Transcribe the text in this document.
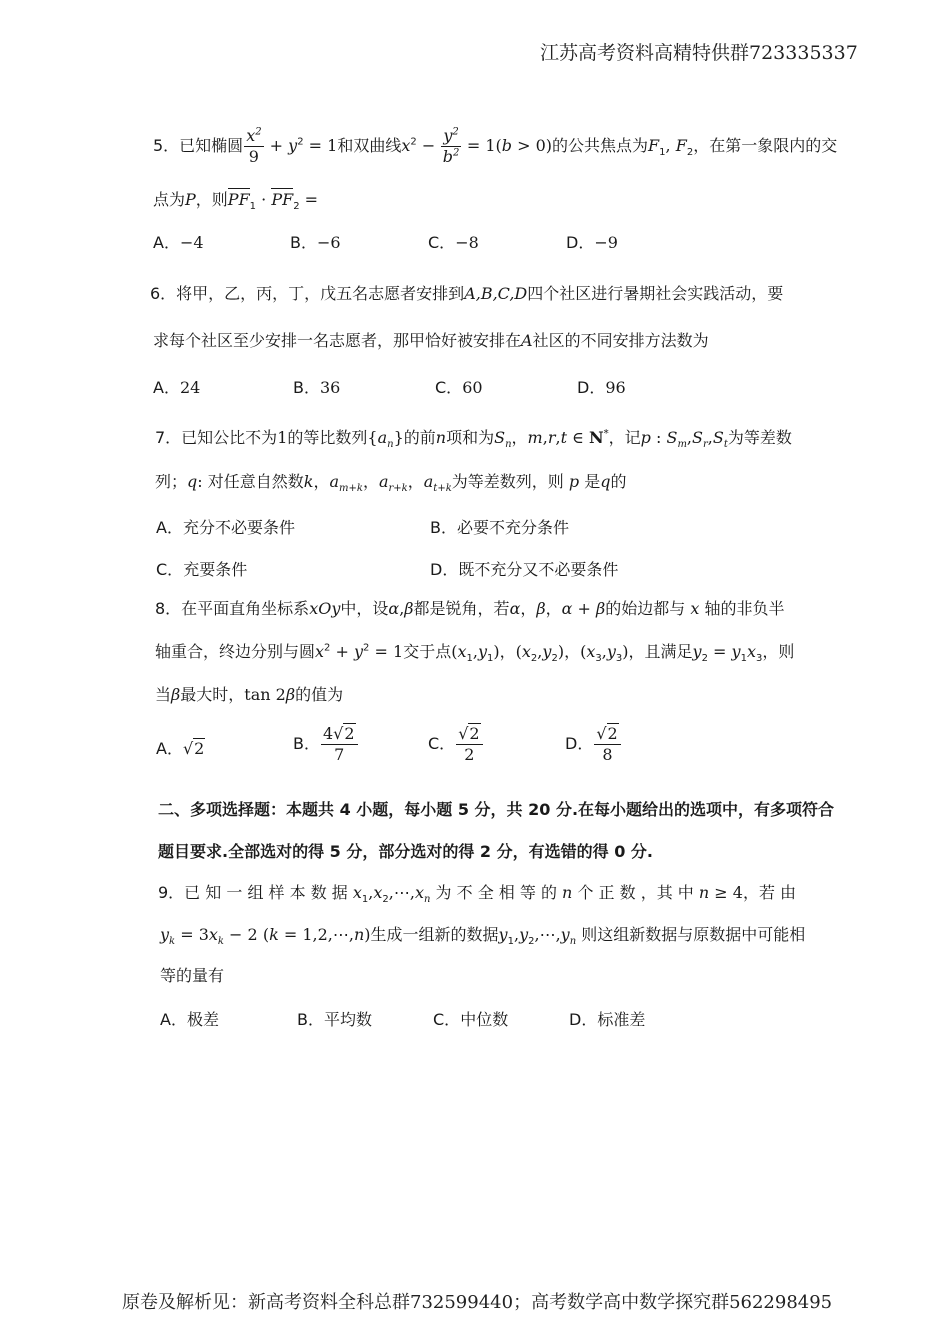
江苏高考资料高精特供群723335337
5．已知椭圆 $\frac{x^2}{9} + y^2 = 1$和双曲线$x^2 - \frac{y^2}{b^2} = 1(b > 0)$的公共焦点为$F_1$, $F_2$，在第一象限内的交
点为P，则$PF_1 \cdot PF_2$ =
A．−4	B．−6	C．−8	D．−9
6．将甲，乙，丙，丁，戊五名志愿者安排到A,B,C,D四个社区进行暑期社会实践活动，要
求每个社区至少安排一名志愿者，那甲恰好被安排在A社区的不同安排方法数为
A．24	B．36	C．60	D．96
7．已知公比不为1的等比数列$\{a_n\}$的前n项和为$S_n$，m,r,t ∈ N*，记p : $S_m,S_r,S_t$为等差数
列；q: 对任意自然数k，$a_{m+k}$，$a_{r+k}$，$a_{t+k}$为等差数列，则 p 是q的
A．充分不必要条件	B．必要不充分条件
C．充要条件	D．既不充分又不必要条件
8．在平面直角坐标系xOy中，设α,β都是锐角，若α，β，α + β的始边都与 x 轴的非负半
轴重合，终边分别与圆$x^2 + y^2 = 1$交于点$(x_1,y_1)$，$(x_2,y_2)$，$(x_3,y_3)$，且满足$y_2 = y_1x_3$，则
当β最大时，tan 2β的值为
A．√2	B． $\frac{4√2}{7}$	C． $\frac{√2}{2}$	D． $\frac{√2}{8}$
二、多项选择题：本题共 4 小题，每小题 5 分，共 20 分.在每小题给出的选项中，有多项符合
题目要求.全部选对的得 5 分，部分选对的得 2 分，有选错的得 0 分.
9．已 知 一 组 样 本 数 据 $x_1,x_2,\cdots,x_n$ 为 不 全 相 等 的 n 个 正 数 ，其 中 n ≥ 4，若 由
$y_k = 3x_k - 2$ (k = 1,2,⋯,n)生成一组新的数据$y_1,y_2,\cdots,y_n$ 则这组新数据与原数据中可能相
等的量有
A．极差	B．平均数	C．中位数	D．标准差
原卷及解析见：新高考资料全科总群732599440；高考数学高中数学探究群562298495
